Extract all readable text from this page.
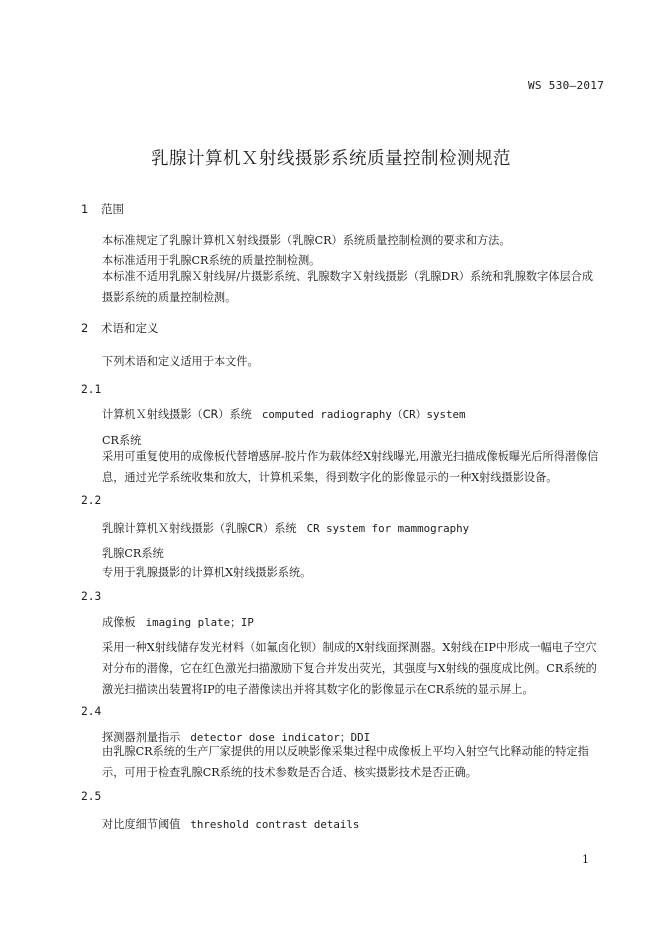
WS 530—2017
乳腺计算机Ｘ射线摄影系统质量控制检测规范
1 范围
本标准规定了乳腺计算机Ｘ射线摄影（乳腺CR）系统质量控制检测的要求和方法。
本标准适用于乳腺CR系统的质量控制检测。
本标准不适用乳腺Ｘ射线屏/片摄影系统、乳腺数字Ｘ射线摄影（乳腺DR）系统和乳腺数字体层合成摄影系统的质量控制检测。
2 术语和定义
下列术语和定义适用于本文件。
2.1
计算机Ｘ射线摄影（CR）系统 computed radiography（CR）system
CR系统
采用可重复使用的成像板代替增感屏-胶片作为载体经X射线曝光,用激光扫描成像板曝光后所得潜像信息，通过光学系统收集和放大，计算机采集，得到数字化的影像显示的一种X射线摄影设备。
2.2
乳腺计算机Ｘ射线摄影（乳腺CR）系统 CR system for mammography
乳腺CR系统
专用于乳腺摄影的计算机X射线摄影系统。
2.3
成像板 imaging plate；IP
采用一种X射线储存发光材料（如氟卤化钡）制成的X射线面探测器。X射线在IP中形成一幅电子空穴对分布的潜像，它在红色激光扫描激励下复合并发出荧光，其强度与X射线的强度成比例。CR系统的激光扫描读出装置将IP的电子潜像读出并将其数字化的影像显示在CR系统的显示屏上。
2.4
探测器剂量指示 detector dose indicator；DDI
由乳腺CR系统的生产厂家提供的用以反映影像采集过程中成像板上平均入射空气比释动能的特定指示，可用于检查乳腺CR系统的技术参数是否合适、核实摄影技术是否正确。
2.5
对比度细节阈值 threshold contrast details
1
